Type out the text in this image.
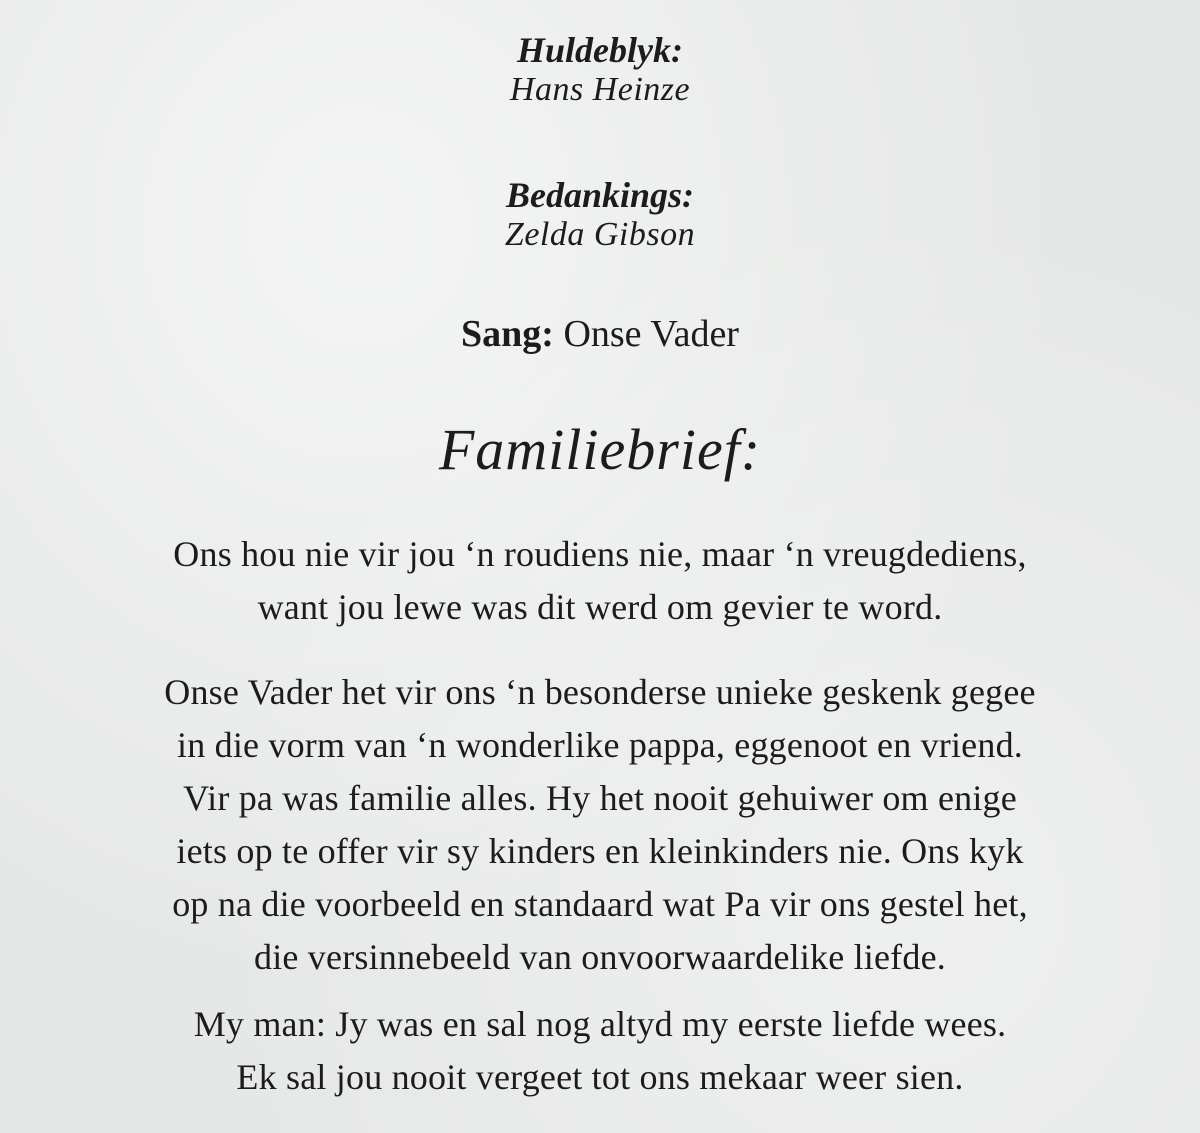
Huldeblyk:
Hans Heinze
Bedankings:
Zelda Gibson
Sang: Onse Vader
Familiebrief:

Ons hou nie vir jou ‘n roudiens nie, maar ‘n vreugdediens,

want jou lewe was dit werd om gevier te word.

Onse Vader het vir ons ‘n besonderse unieke geskenk gegee

in die vorm van ‘n wonderlike pappa, eggenoot en vriend.

Vir pa was familie alles. Hy het nooit gehuiwer om enige

iets op te offer vir sy kinders en kleinkinders nie. Ons kyk

op na die voorbeeld en standaard wat Pa vir ons gestel het,

die versinnebeeld van onvoorwaardelike liefde.

My man: Jy was en sal nog altyd my eerste liefde wees.

Ek sal jou nooit vergeet tot ons mekaar weer sien.
